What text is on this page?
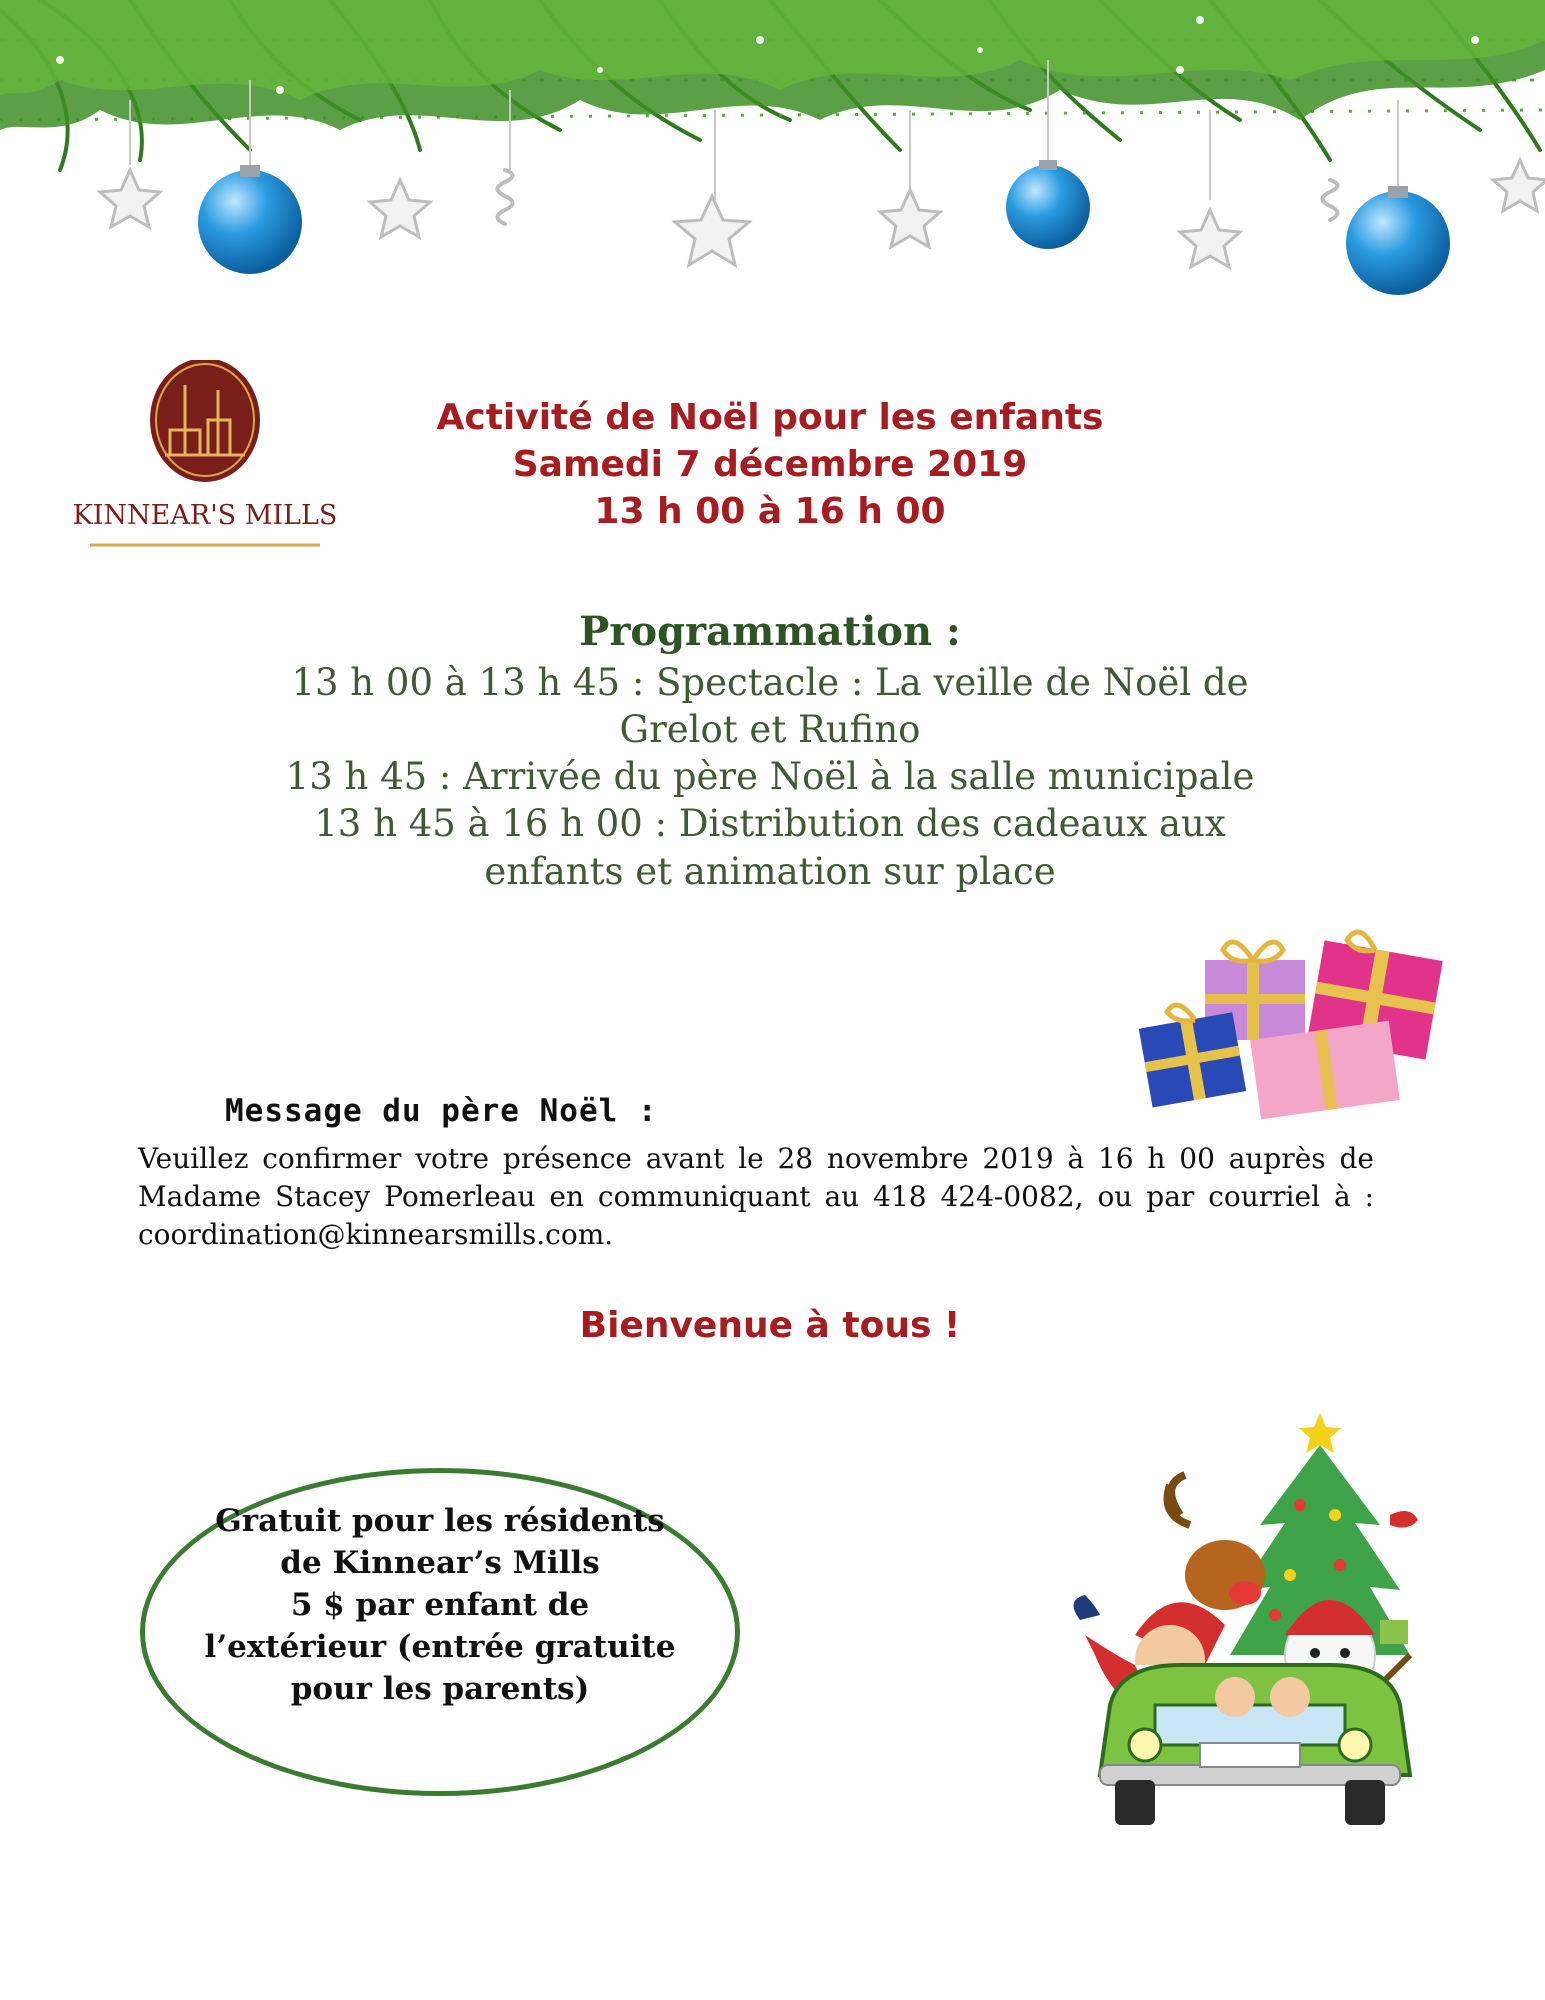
KINNEAR'S MILLS
Activité de Noël pour les enfants
Samedi 7 décembre 2019
13 h 00 à 16 h 00
Programmation :
13 h 00 à 13 h 45 : Spectacle : La veille de Noël de
Grelot et Rufino
13 h 45 : Arrivée du père Noël à la salle municipale
13 h 45 à 16 h 00 : Distribution des cadeaux aux
enfants et animation sur place
Message du père Noël :
Veuillez confirmer votre présence avant le 28 novembre 2019 à 16 h 00 auprès de Madame Stacey Pomerleau en communiquant au 418 424-0082, ou par courriel à : coordination@kinnearsmills.com.
Bienvenue à tous !
Gratuit pour les résidents
de Kinnear’s Mills
5 $ par enfant de
l’extérieur (entrée gratuite
pour les parents)
